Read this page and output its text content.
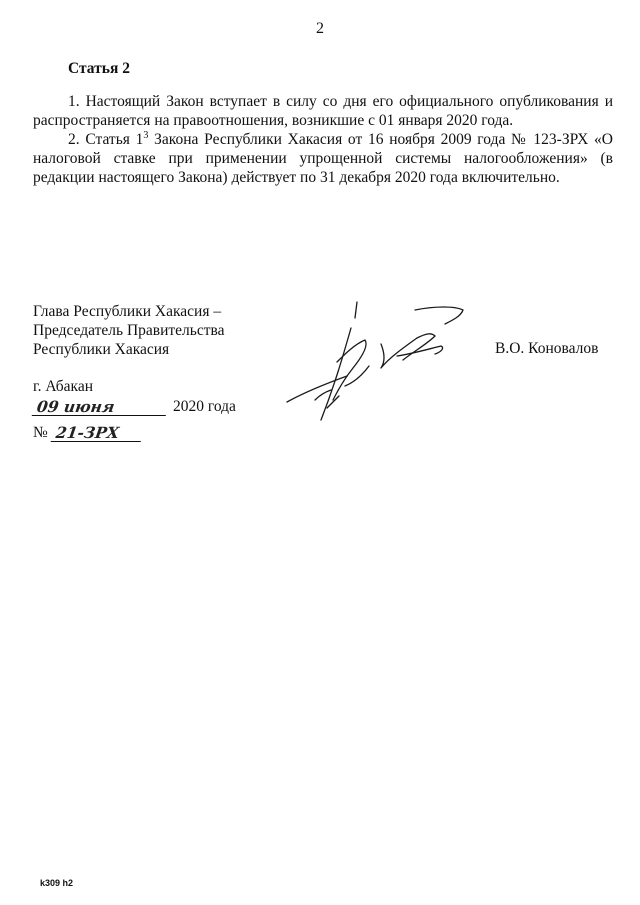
2
Статья 2

1. Настоящий Закон вступает в силу со дня его официального опубликования и распространяется на правоотношения, возникшие с 01 января 2020 года.

2. Статья $1^3$ Закона Республики Хакасия от 16 ноября 2009 года № 123-ЗРХ «О налоговой ставке при применении упрощенной системы налогообложения» (в редакции настоящего Закона) действует по 31 декабря 2020 года включительно.

Глава Республики Хакасия –
Председатель Правительства
Республики Хакасия	В.О. Коновалов
г. Абакан
09 июня	2020 года
№ 21-ЗРХ
k309 h2
